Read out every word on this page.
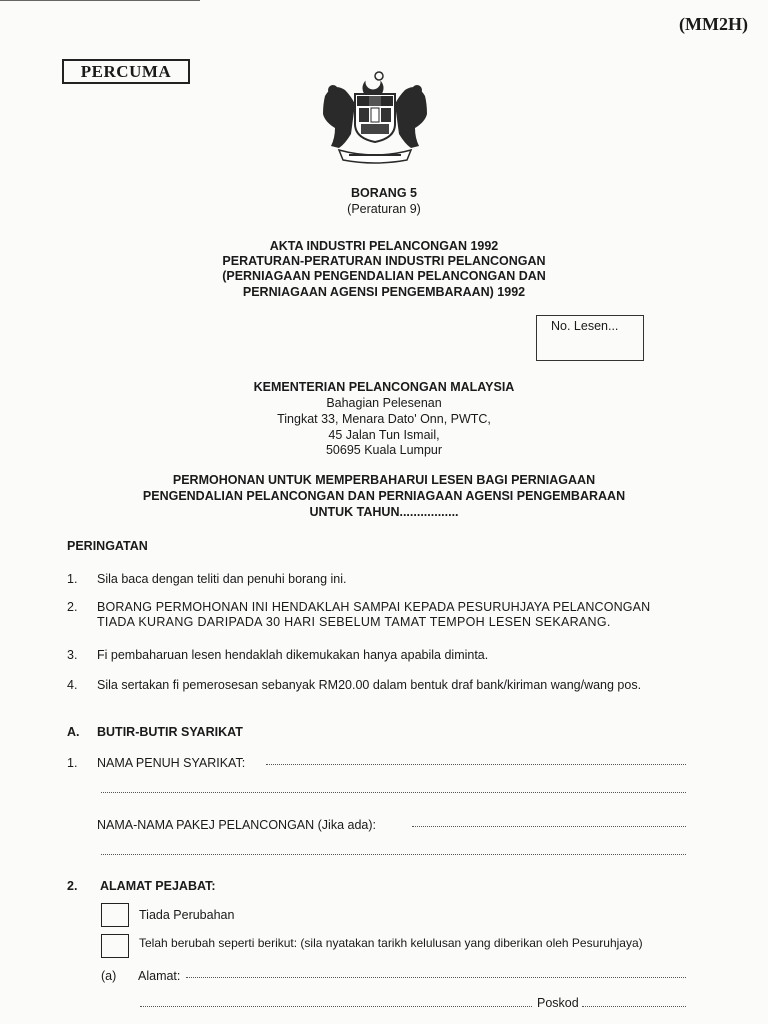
(MM2H)
PERCUMA
BORANG 5
(Peraturan 9)
AKTA INDUSTRI PELANCONGAN 1992
PERATURAN-PERATURAN INDUSTRI PELANCONGAN
(PERNIAGAAN PENGENDALIAN PELANCONGAN DAN
PERNIAGAAN AGENSI PENGEMBARAAN) 1992
No. Lesen...
KEMENTERIAN PELANCONGAN MALAYSIA
Bahagian Pelesenan
Tingkat 33, Menara Dato' Onn, PWTC,
45 Jalan Tun Ismail,
50695 Kuala Lumpur
PERMOHONAN UNTUK MEMPERBAHARUI LESEN BAGI PERNIAGAAN
PENGENDALIAN PELANCONGAN DAN PERNIAGAAN AGENSI PENGEMBARAAN
UNTUK TAHUN.................
PERINGATAN
1. Sila baca dengan teliti dan penuhi borang ini.
2. BORANG PERMOHONAN INI HENDAKLAH SAMPAI KEPADA PESURUHJAYA PELANCONGAN
TIADA KURANG DARIPADA 30 HARI SEBELUM TAMAT TEMPOH LESEN SEKARANG.
3. Fi pembaharuan lesen hendaklah dikemukakan hanya apabila diminta.
4. Sila sertakan fi pemerosesan sebanyak RM20.00 dalam bentuk draf bank/kiriman wang/wang pos.
A. BUTIR-BUTIR SYARIKAT
1. NAMA PENUH SYARIKAT:
NAMA-NAMA PAKEJ PELANCONGAN (Jika ada):
2. ALAMAT PEJABAT:
Tiada Perubahan
Telah berubah seperti berikut: (sila nyatakan tarikh kelulusan yang diberikan oleh Pesuruhjaya)
(a) Alamat:
Poskod
